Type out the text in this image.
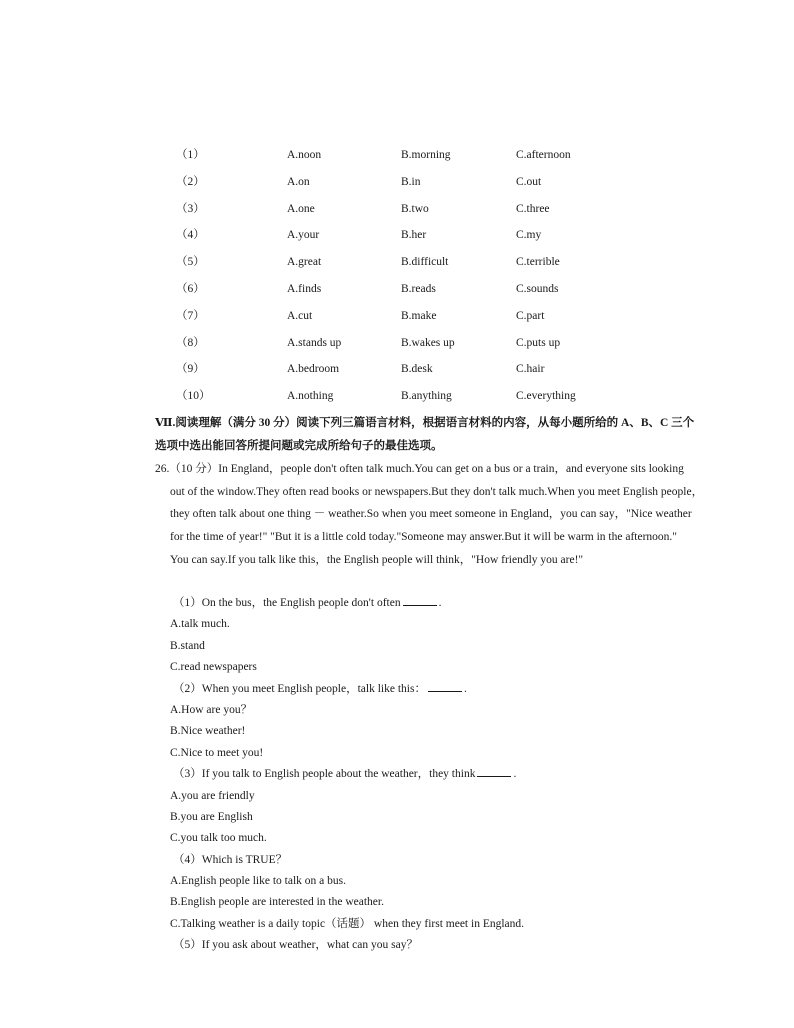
（1）	A.noon	B.morning	C.afternoon
（2）	A.on	B.in	C.out
（3）	A.one	B.two	C.three
（4）	A.your	B.her	C.my
（5）	A.great	B.difficult	C.terrible
（6）	A.finds	B.reads	C.sounds
（7）	A.cut	B.make	C.part
（8）	A.stands up	B.wakes up	C.puts up
（9）	A.bedroom	B.desk	C.hair
（10）	A.nothing	B.anything	C.everything
Ⅶ.阅读理解（满分 30 分）阅读下列三篇语言材料，根据语言材料的内容，从每小题所给的 A、B、C 三个
选项中选出能回答所提问题或完成所给句子的最佳选项。
26.（10 分）In England，people don't often talk much.You can get on a bus or a train，and everyone sits looking
out of the window.They often read books or newspapers.But they don't talk much.When you meet English people，
they often talk about one thing － weather.So when you meet someone in England，you can say，"Nice weather
for the time of year!" "But it is a little cold today."Someone may answer.But it will be warm in the afternoon."
You can say.If you talk like this，the English people will think，"How friendly you are!"
（1）On the bus，the English people don't often	.
A.talk much.
B.stand
C.read newspapers
（2）When you meet English people，talk like this：	.
A.How are you？
B.Nice weather!
C.Nice to meet you!
（3）If you talk to English people about the weather，they think	.
A.you are friendly
B.you are English
C.you talk too much.
（4）Which is TRUE？
A.English people like to talk on a bus.
B.English people are interested in the weather.
C.Talking weather is a daily topic（话题） when they first meet in England.
（5）If you ask about weather，what can you say？
